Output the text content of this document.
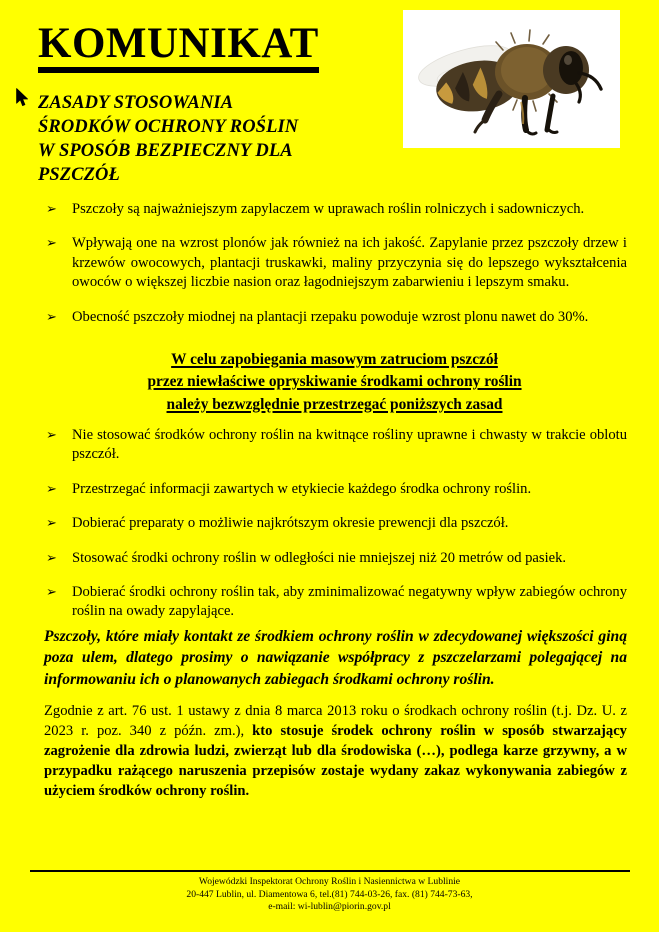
KOMUNIKAT

ZASADY STOSOWANIA
ŚRODKÓW OCHRONY ROŚLIN
W SPOSÓB BEZPIECZNY DLA
PSZCZÓŁ

➢ Pszczoły są najważniejszym zapylaczem w uprawach roślin rolniczych i sadowniczych.
➢ Wpływają one na wzrost plonów jak również na ich jakość. Zapylanie przez pszczoły drzew i krzewów owocowych, plantacji truskawki, maliny przyczynia się do lepszego wykształcenia owoców o większej liczbie nasion oraz łagodniejszym zabarwieniu i lepszym smaku.
➢ Obecność pszczoły miodnej na plantacji rzepaku powoduje wzrost plonu nawet do 30%.
W celu zapobiegania masowym zatruciom pszczół
przez niewłaściwe opryskiwanie środkami ochrony roślin
należy bezwzględnie przestrzegać poniższych zasad
➢ Nie stosować środków ochrony roślin na kwitnące rośliny uprawne i chwasty w trakcie oblotu pszczół.
➢ Przestrzegać informacji zawartych w etykiecie każdego środka ochrony roślin.
➢ Dobierać preparaty o możliwie najkrótszym okresie prewencji dla pszczół.
➢ Stosować środki ochrony roślin w odległości nie mniejszej niż 20 metrów od pasiek.
➢ Dobierać środki ochrony roślin tak, aby zminimalizować negatywny wpływ zabiegów ochrony roślin na owady zapylające.

Pszczoły, które miały kontakt ze środkiem ochrony roślin w zdecydowanej większości giną poza ulem, dlatego prosimy o nawiązanie współpracy z pszczelarzami polegającej na informowaniu ich o planowanych zabiegach środkami ochrony roślin.

Zgodnie z art. 76 ust. 1 ustawy z dnia 8 marca 2013 roku o środkach ochrony roślin (t.j. Dz. U. z 2023 r. poz. 340 z późn. zm.), kto stosuje środek ochrony roślin w sposób stwarzający zagrożenie dla zdrowia ludzi, zwierząt lub dla środowiska (…), podlega karze grzywny, a w przypadku rażącego naruszenia przepisów zostaje wydany zakaz wykonywania zabiegów z użyciem środków ochrony roślin.

Wojewódzki Inspektorat Ochrony Roślin i Nasiennictwa w Lublinie
20-447 Lublin, ul. Diamentowa 6, tel.(81) 744-03-26, fax. (81) 744-73-63,
e-mail: wi-lublin@piorin.gov.pl
